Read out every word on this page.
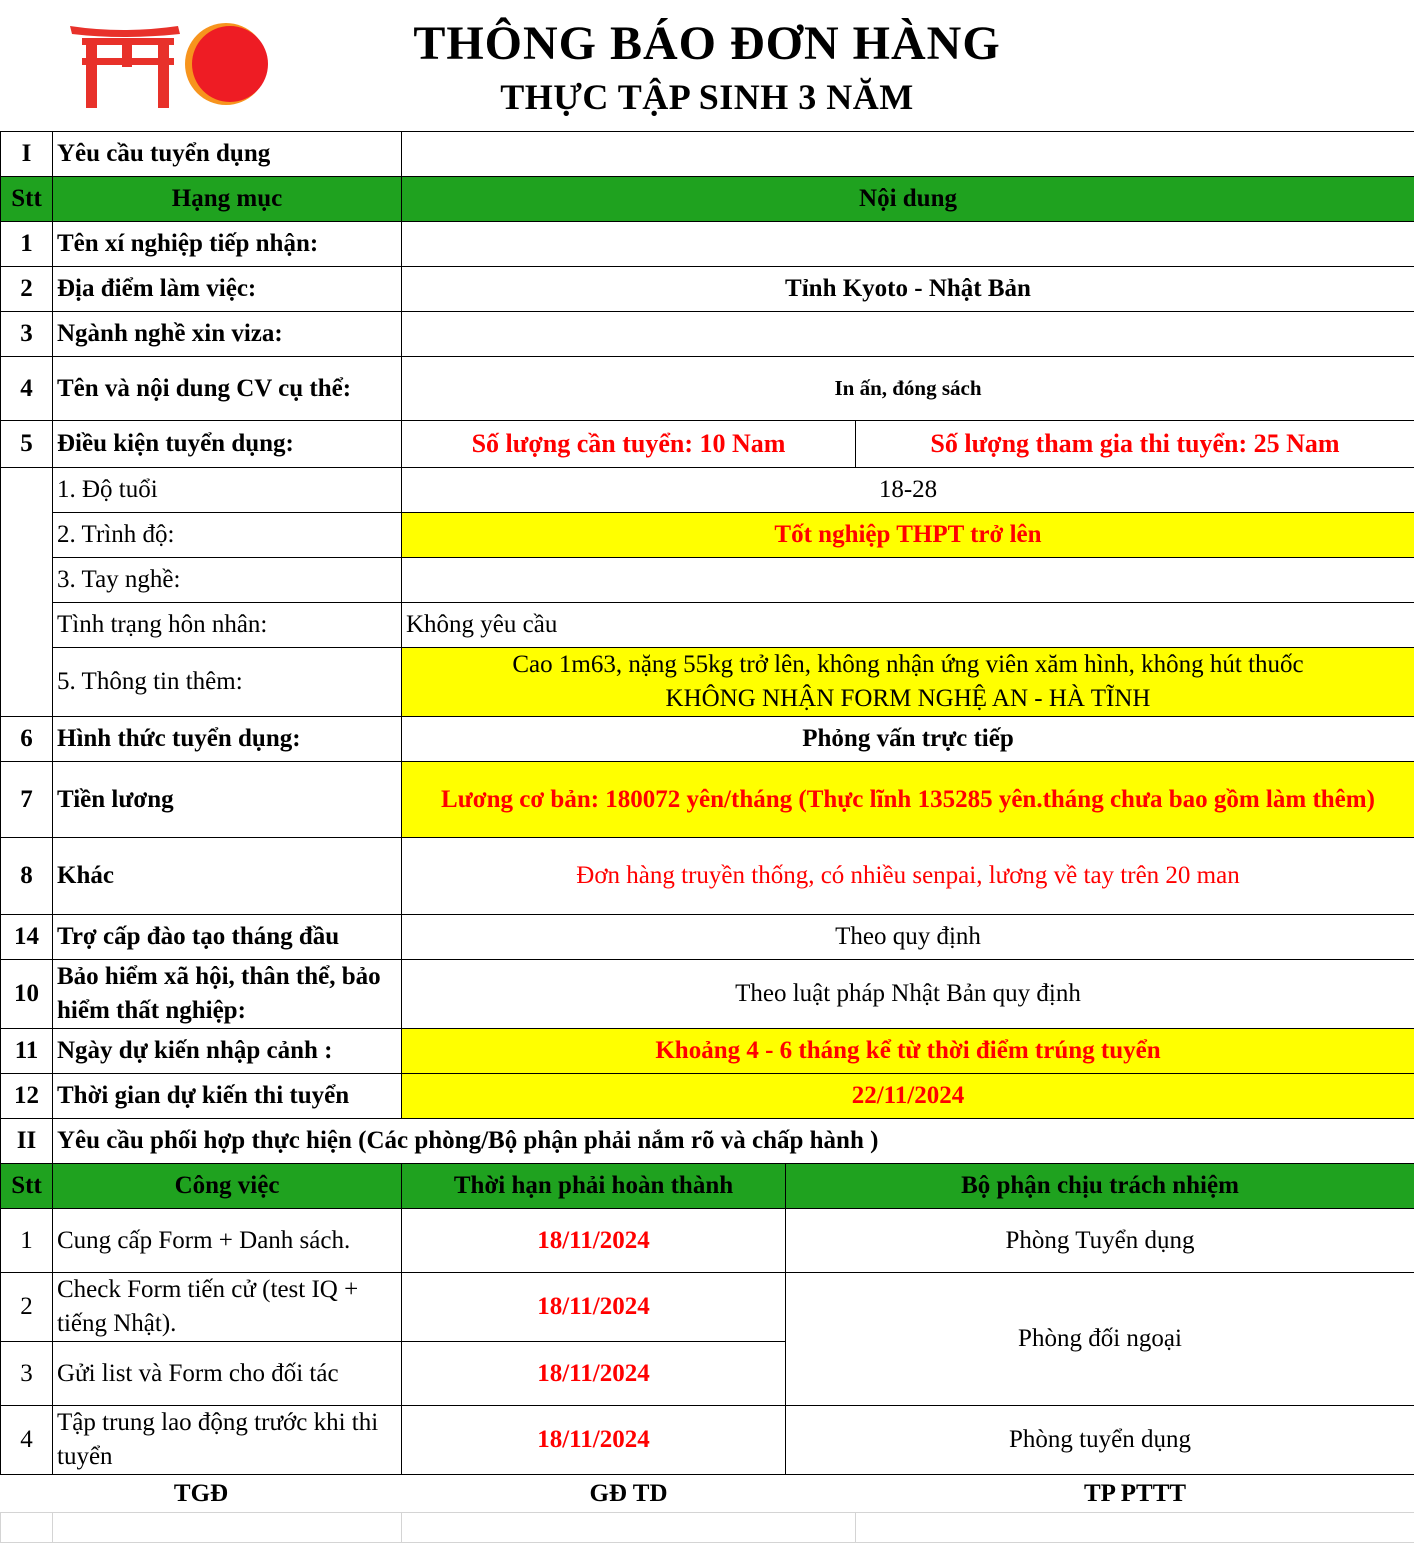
THÔNG BÁO ĐƠN HÀNG
THỰC TẬP SINH 3 NĂM
I	Yêu cầu tuyển dụng			
Stt	Hạng mục	Nội dung		
1	Tên xí nghiệp tiếp nhận:			
2	Địa điểm làm việc:	Tỉnh Kyoto - Nhật Bản		
3	Ngành nghề xin viza:			
4	Tên và nội dung CV cụ thể:	In ấn, đóng sách		
5	Điều kiện tuyển dụng:	Số lượng cần tuyển: 10 Nam		Số lượng tham gia thi tuyển: 25 Nam
	1. Độ tuổi	18-28		
	2. Trình độ:	Tốt nghiệp THPT trở lên		
	3. Tay nghề:			
	Tình trạng hôn nhân:	Không yêu cầu		
	5. Thông tin thêm:	Cao 1m63, nặng 55kg trở lên, không nhận ứng viên xăm hình, không hút thuốc
KHÔNG NHẬN FORM NGHỆ AN - HÀ TĨNH		

6	Hình thức tuyển dụng:	Phỏng vấn trực tiếp		
7	Tiền lương	Lương cơ bản: 180072 yên/tháng (Thực lĩnh 135285 yên.tháng chưa bao gồm làm thêm)		
8	Khác	Đơn hàng truyền thống, có nhiều senpai, lương về tay trên 20 man		
14	Trợ cấp đào tạo tháng đầu	Theo quy định		
10	Bảo hiểm xã hội, thân thể, bảo hiểm thất nghiệp:	Theo luật pháp Nhật Bản quy định		
11	Ngày dự kiến nhập cảnh :	Khoảng 4 - 6 tháng kể từ thời điểm trúng tuyển		
12	Thời gian dự kiến thi tuyển	22/11/2024		
II	Yêu cầu phối hợp thực hiện (Các phòng/Bộ phận phải nắm rõ và chấp hành )			
Stt	Công việc	Thời hạn phải hoàn thành	Bộ phận chịu trách nhiệm	
1	Cung cấp Form + Danh sách.	18/11/2024	Phòng Tuyển dụng	
2	Check Form tiến cử (test IQ + tiếng Nhật).	18/11/2024	Phòng đối ngoại	
3	Gửi list và Form cho đối tác	18/11/2024		
4	Tập trung lao động trước khi thi tuyển	18/11/2024	Phòng tuyển dụng	
TGĐ		GĐ TD		TP PTTT
